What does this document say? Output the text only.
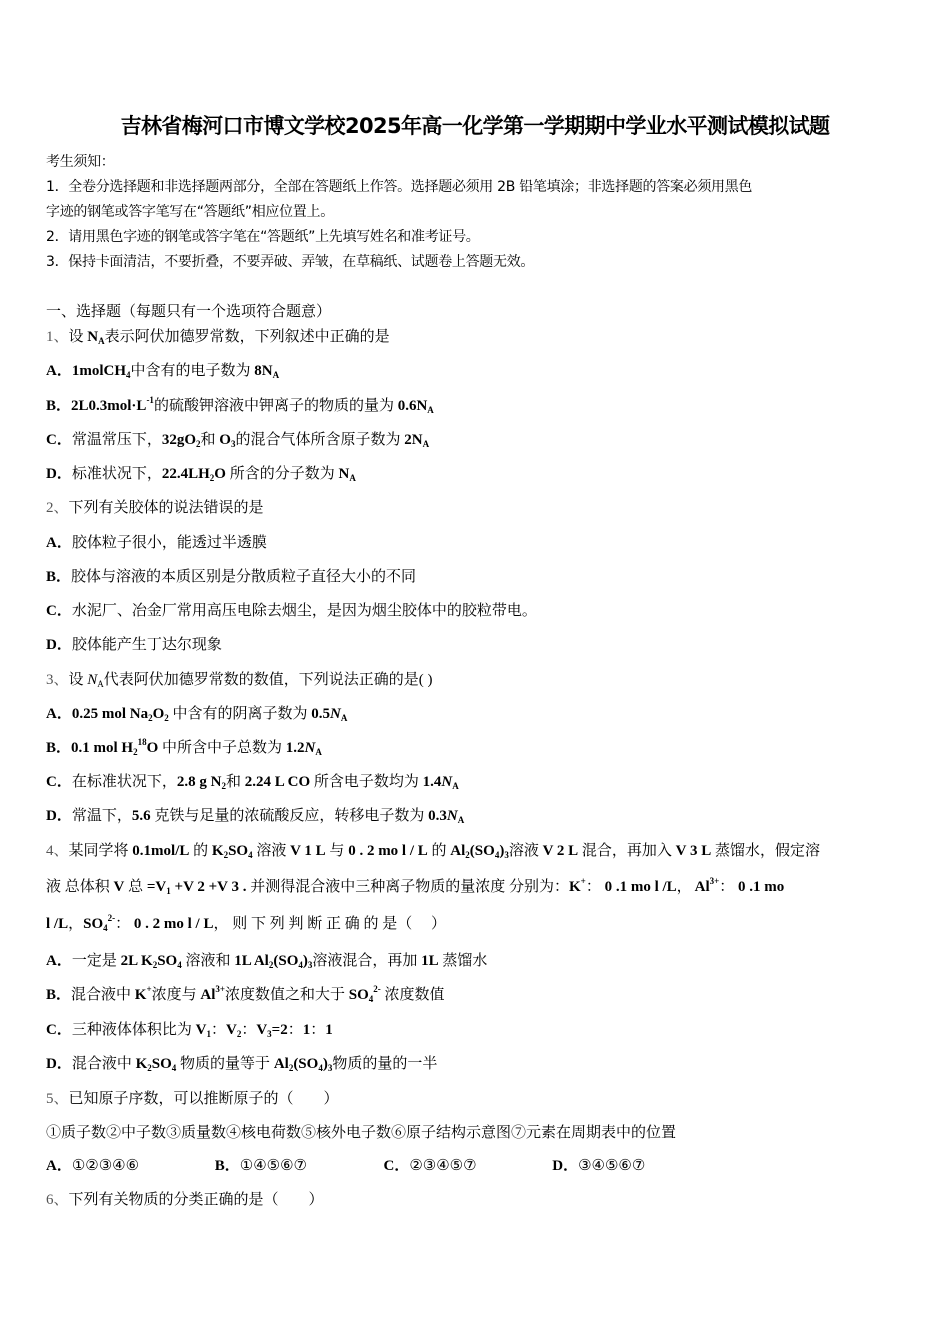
吉林省梅河口市博文学校2025年高一化学第一学期期中学业水平测试模拟试题
考生须知：
1．全卷分选择题和非选择题两部分，全部在答题纸上作答。选择题必须用 2B 铅笔填涂；非选择题的答案必须用黑色
字迹的钢笔或答字笔写在“答题纸”相应位置上。
2．请用黑色字迹的钢笔或答字笔在“答题纸”上先填写姓名和准考证号。
3．保持卡面清洁，不要折叠，不要弄破、弄皱，在草稿纸、试题卷上答题无效。
一、选择题（每题只有一个选项符合题意）
1、设 $N_A$表示阿伏加德罗常数，下列叙述中正确的是
A．1molCH$_4$中含有的电子数为 $8N_A$
B．$2L0.3mol\cdot L^{-1}$的硫酸钾溶液中钾离子的物质的量为 $0.6N_A$
C．常温常压下，$32gO_2$和 $O_3$的混合气体所含原子数为 $2N_A$
D．标准状况下，$22.4LH_2O$ 所含的分子数为 $N_A$
2、下列有关胶体的说法错误的是
A．胶体粒子很小，能透过半透膜
B．胶体与溶液的本质区别是分散质粒子直径大小的不同
C．水泥厂、冶金厂常用高压电除去烟尘，是因为烟尘胶体中的胶粒带电。
D．胶体能产生丁达尔现象
3、设 $N_A$代表阿伏加德罗常数的数值，下列说法正确的是( )
A．0.25 mol $Na_2O_2$ 中含有的阴离子数为 $0.5N_A$
B．0.1 mol $H_2^{18}O$ 中所含中子总数为 $1.2N_A$
C．在标准状况下，2.8 g $N_2$和 2.24 L CO 所含电子数均为 $1.4N_A$
D．常温下，5.6 克铁与足量的浓硫酸反应，转移电子数为 $0.3N_A$
4、某同学将 0.1mol/L 的 $K_2SO_4$ 溶液 V 1 L 与 0 . 2 mo l / L 的 $Al_2(SO_4)_3$溶液 V 2 L 混合，再加入 V 3 L 蒸馏水，假定溶
液 总体积 V 总 $=V_1 +V$ 2 +V 3 . 并测得混合液中三种离子物质的量浓度 分别为：K+： 0 .1 mo l /L， $Al^{3+}$： 0 .1 mo
l /L，$SO_4^{2-}$： 0 . 2 mo l / L， 则 下 列 判 断 正 确 的 是（　 ）
A．一定是 2L $K_2SO_4$ 溶液和 1L $Al_2(SO_4)_3$溶液混合，再加 1L 蒸馏水
B．混合液中 K+浓度与 $Al^{3+}$浓度数值之和大于 $SO_4^{2-}$ 浓度数值
C．三种液体体积比为 $V_1$：$V_2$：$V_3=2$：1：1
D．混合液中 $K_2SO_4$ 物质的量等于 $Al_2(SO_4)_3$物质的量的一半
5、已知原子序数，可以推断原子的（　　）
①质子数②中子数③质量数④核电荷数⑤核外电子数⑥原子结构示意图⑦元素在周期表中的位置
6、下列有关物质的分类正确的是（　　）
A．①②③④⑥	B．①④⑤⑥⑦	C．②③④⑤⑦	D．③④⑤⑥⑦
